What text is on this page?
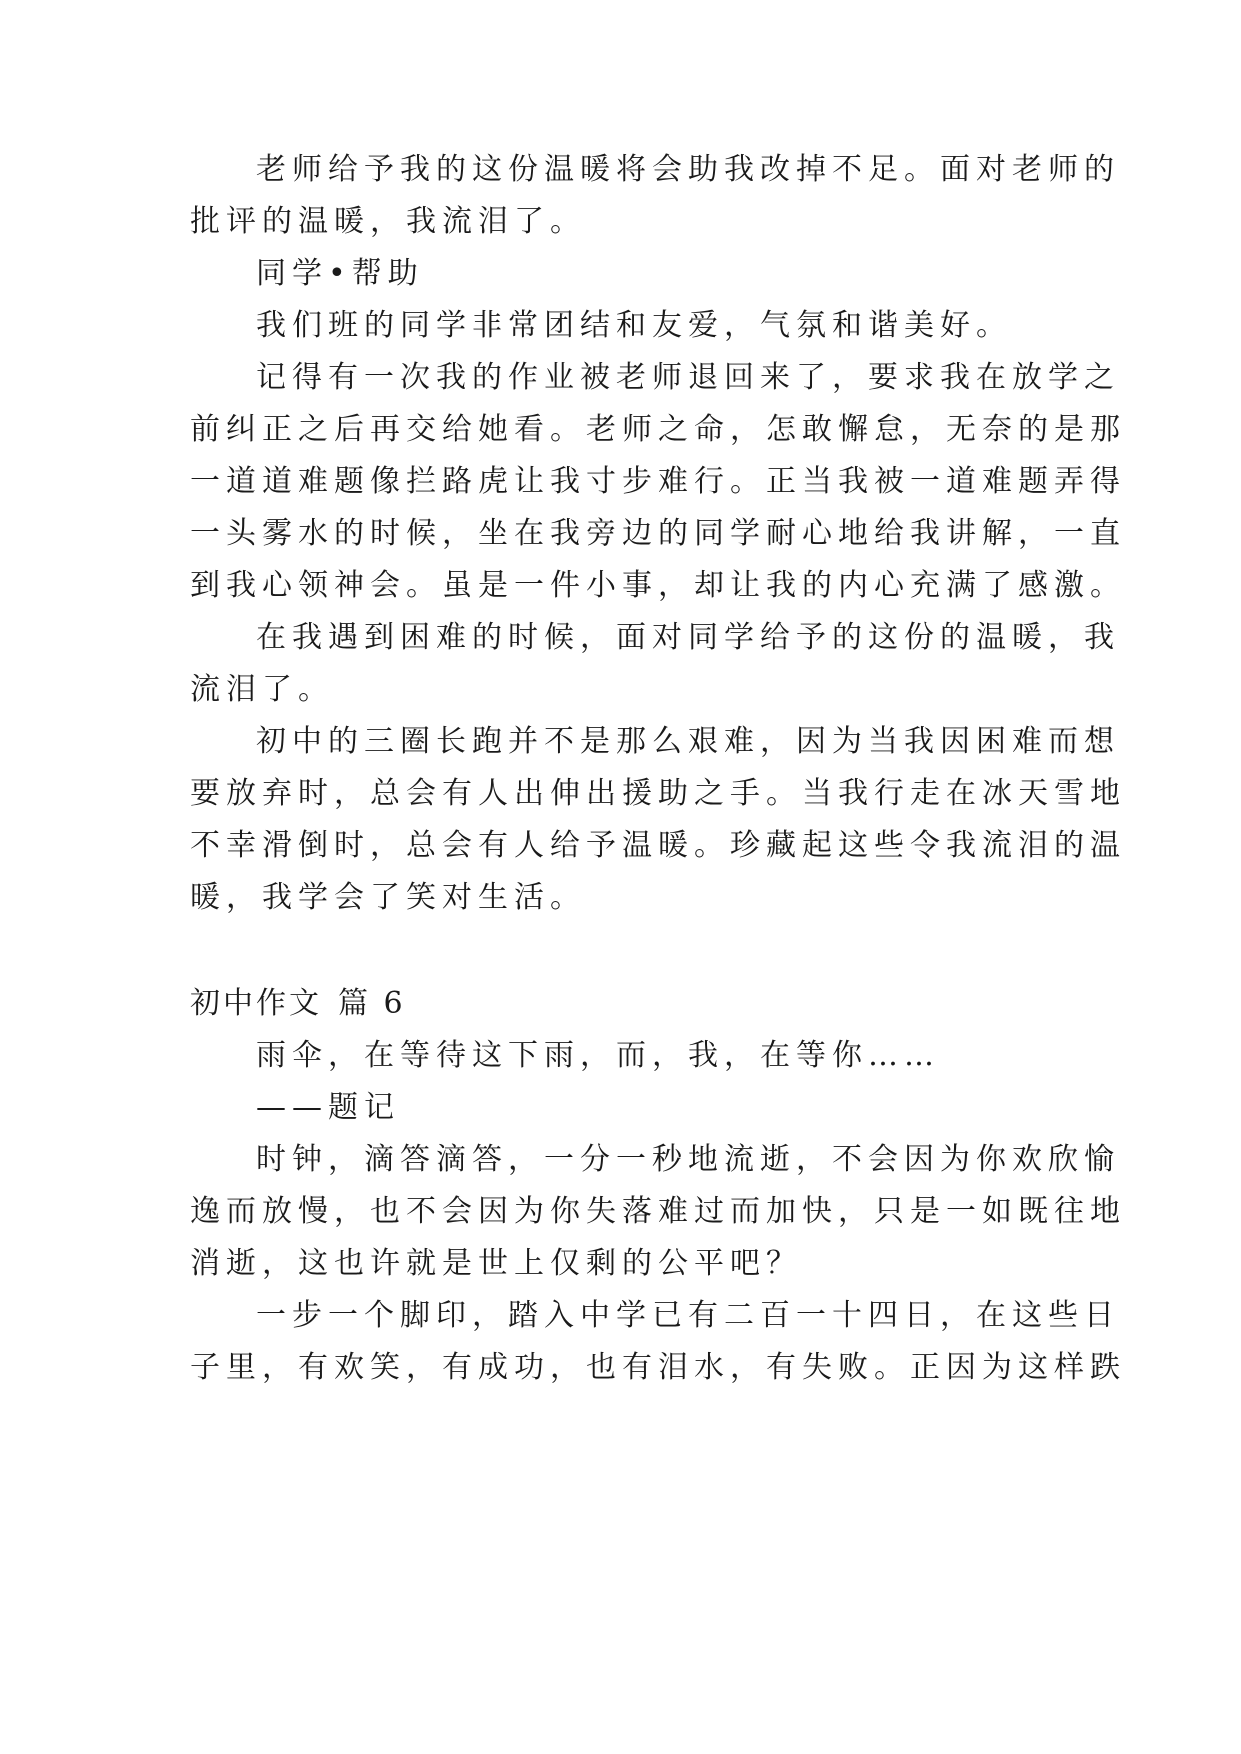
老师给予我的这份温暖将会助我改掉不足。面对老师的
批评的温暖，我流泪了。
同学•帮助
我们班的同学非常团结和友爱，气氛和谐美好。
记得有一次我的作业被老师退回来了，要求我在放学之
前纠正之后再交给她看。老师之命，怎敢懈怠，无奈的是那
一道道难题像拦路虎让我寸步难行。正当我被一道难题弄得
一头雾水的时候，坐在我旁边的同学耐心地给我讲解，一直
到我心领神会。虽是一件小事，却让我的内心充满了感激。
在我遇到困难的时候，面对同学给予的这份的温暖，我
流泪了。
初中的三圈长跑并不是那么艰难，因为当我因困难而想
要放弃时，总会有人出伸出援助之手。当我行走在冰天雪地
不幸滑倒时，总会有人给予温暖。珍藏起这些令我流泪的温
暖，我学会了笑对生活。
初中作文 篇 6
雨伞，在等待这下雨，而，我，在等你……
——题记
时钟，滴答滴答，一分一秒地流逝，不会因为你欢欣愉
逸而放慢，也不会因为你失落难过而加快，只是一如既往地
消逝，这也许就是世上仅剩的公平吧？
一步一个脚印，踏入中学已有二百一十四日，在这些日
子里，有欢笑，有成功，也有泪水，有失败。正因为这样跌
